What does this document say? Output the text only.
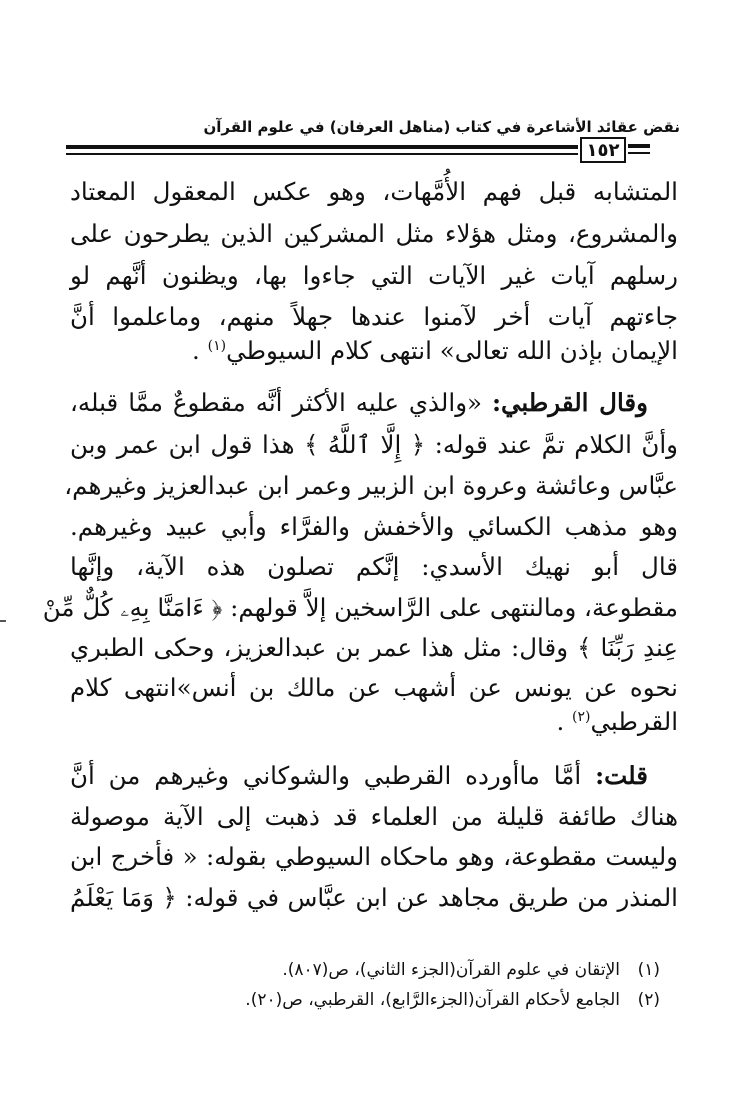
نقض عقائد الأشاعرة في كتاب (مناهل العرفان) في علوم القرآن
١٥٢
المتشابه قبل فهم الأُمَّهات، وهو عكس المعقول المعتاد
والمشروع، ومثل هؤلاء مثل المشركين الذين يطرحون على
رسلهم آيات غير الآيات التي جاءوا بها، ويظنون أنَّهم لو
جاءتهم آيات أخر لآمنوا عندها جهلاً منهم، وماعلموا أنَّ
الإيمان بإذن الله تعالى» انتهى كلام السيوطي$^{(١)}$ .
وقال القرطبي: «والذي عليه الأكثر أنَّه مقطوعٌ ممَّا قبله،
وأنَّ الكلام تمَّ عند قوله: ﴿ إِلَّا ٱللَّهُ ﴾ هذا قول ابن عمر وبن
عبَّاس وعائشة وعروة ابن الزبير وعمر ابن عبدالعزيز وغيرهم،
وهو مذهب الكسائي والأخفش والفرَّاء وأبي عبيد وغيرهم.
قال أبو نهيك الأسدي: إنَّكم تصلون هذه الآية، وإنَّها
مقطوعة، ومالنتهى على الرَّاسخين إلاَّ قولهم: ﴿ ءَامَنَّا بِهِۦ كُلٌّ مِّنْ
عِندِ رَبِّنَا ﴾ وقال: مثل هذا عمر بن عبدالعزيز، وحكى الطبري
نحوه عن يونس عن أشهب عن مالك بن أنس»انتهى كلام
القرطبي$^{(٢)}$ .
قلت: أمَّا ماأورده القرطبي والشوكاني وغيرهم من أنَّ
هناك طائفة قليلة من العلماء قد ذهبت إلى الآية موصولة
وليست مقطوعة، وهو ماحكاه السيوطي بقوله: « فأخرج ابن
المنذر من طريق مجاهد عن ابن عبَّاس في قوله: ﴿ وَمَا يَعْلَمُ
(١)الإتقان في علوم القرآن(الجزء الثاني)، ص(٨٠٧).
(٢)الجامع لأحكام القرآن(الجزءالرَّابع)، القرطبي، ص(٢٠).
